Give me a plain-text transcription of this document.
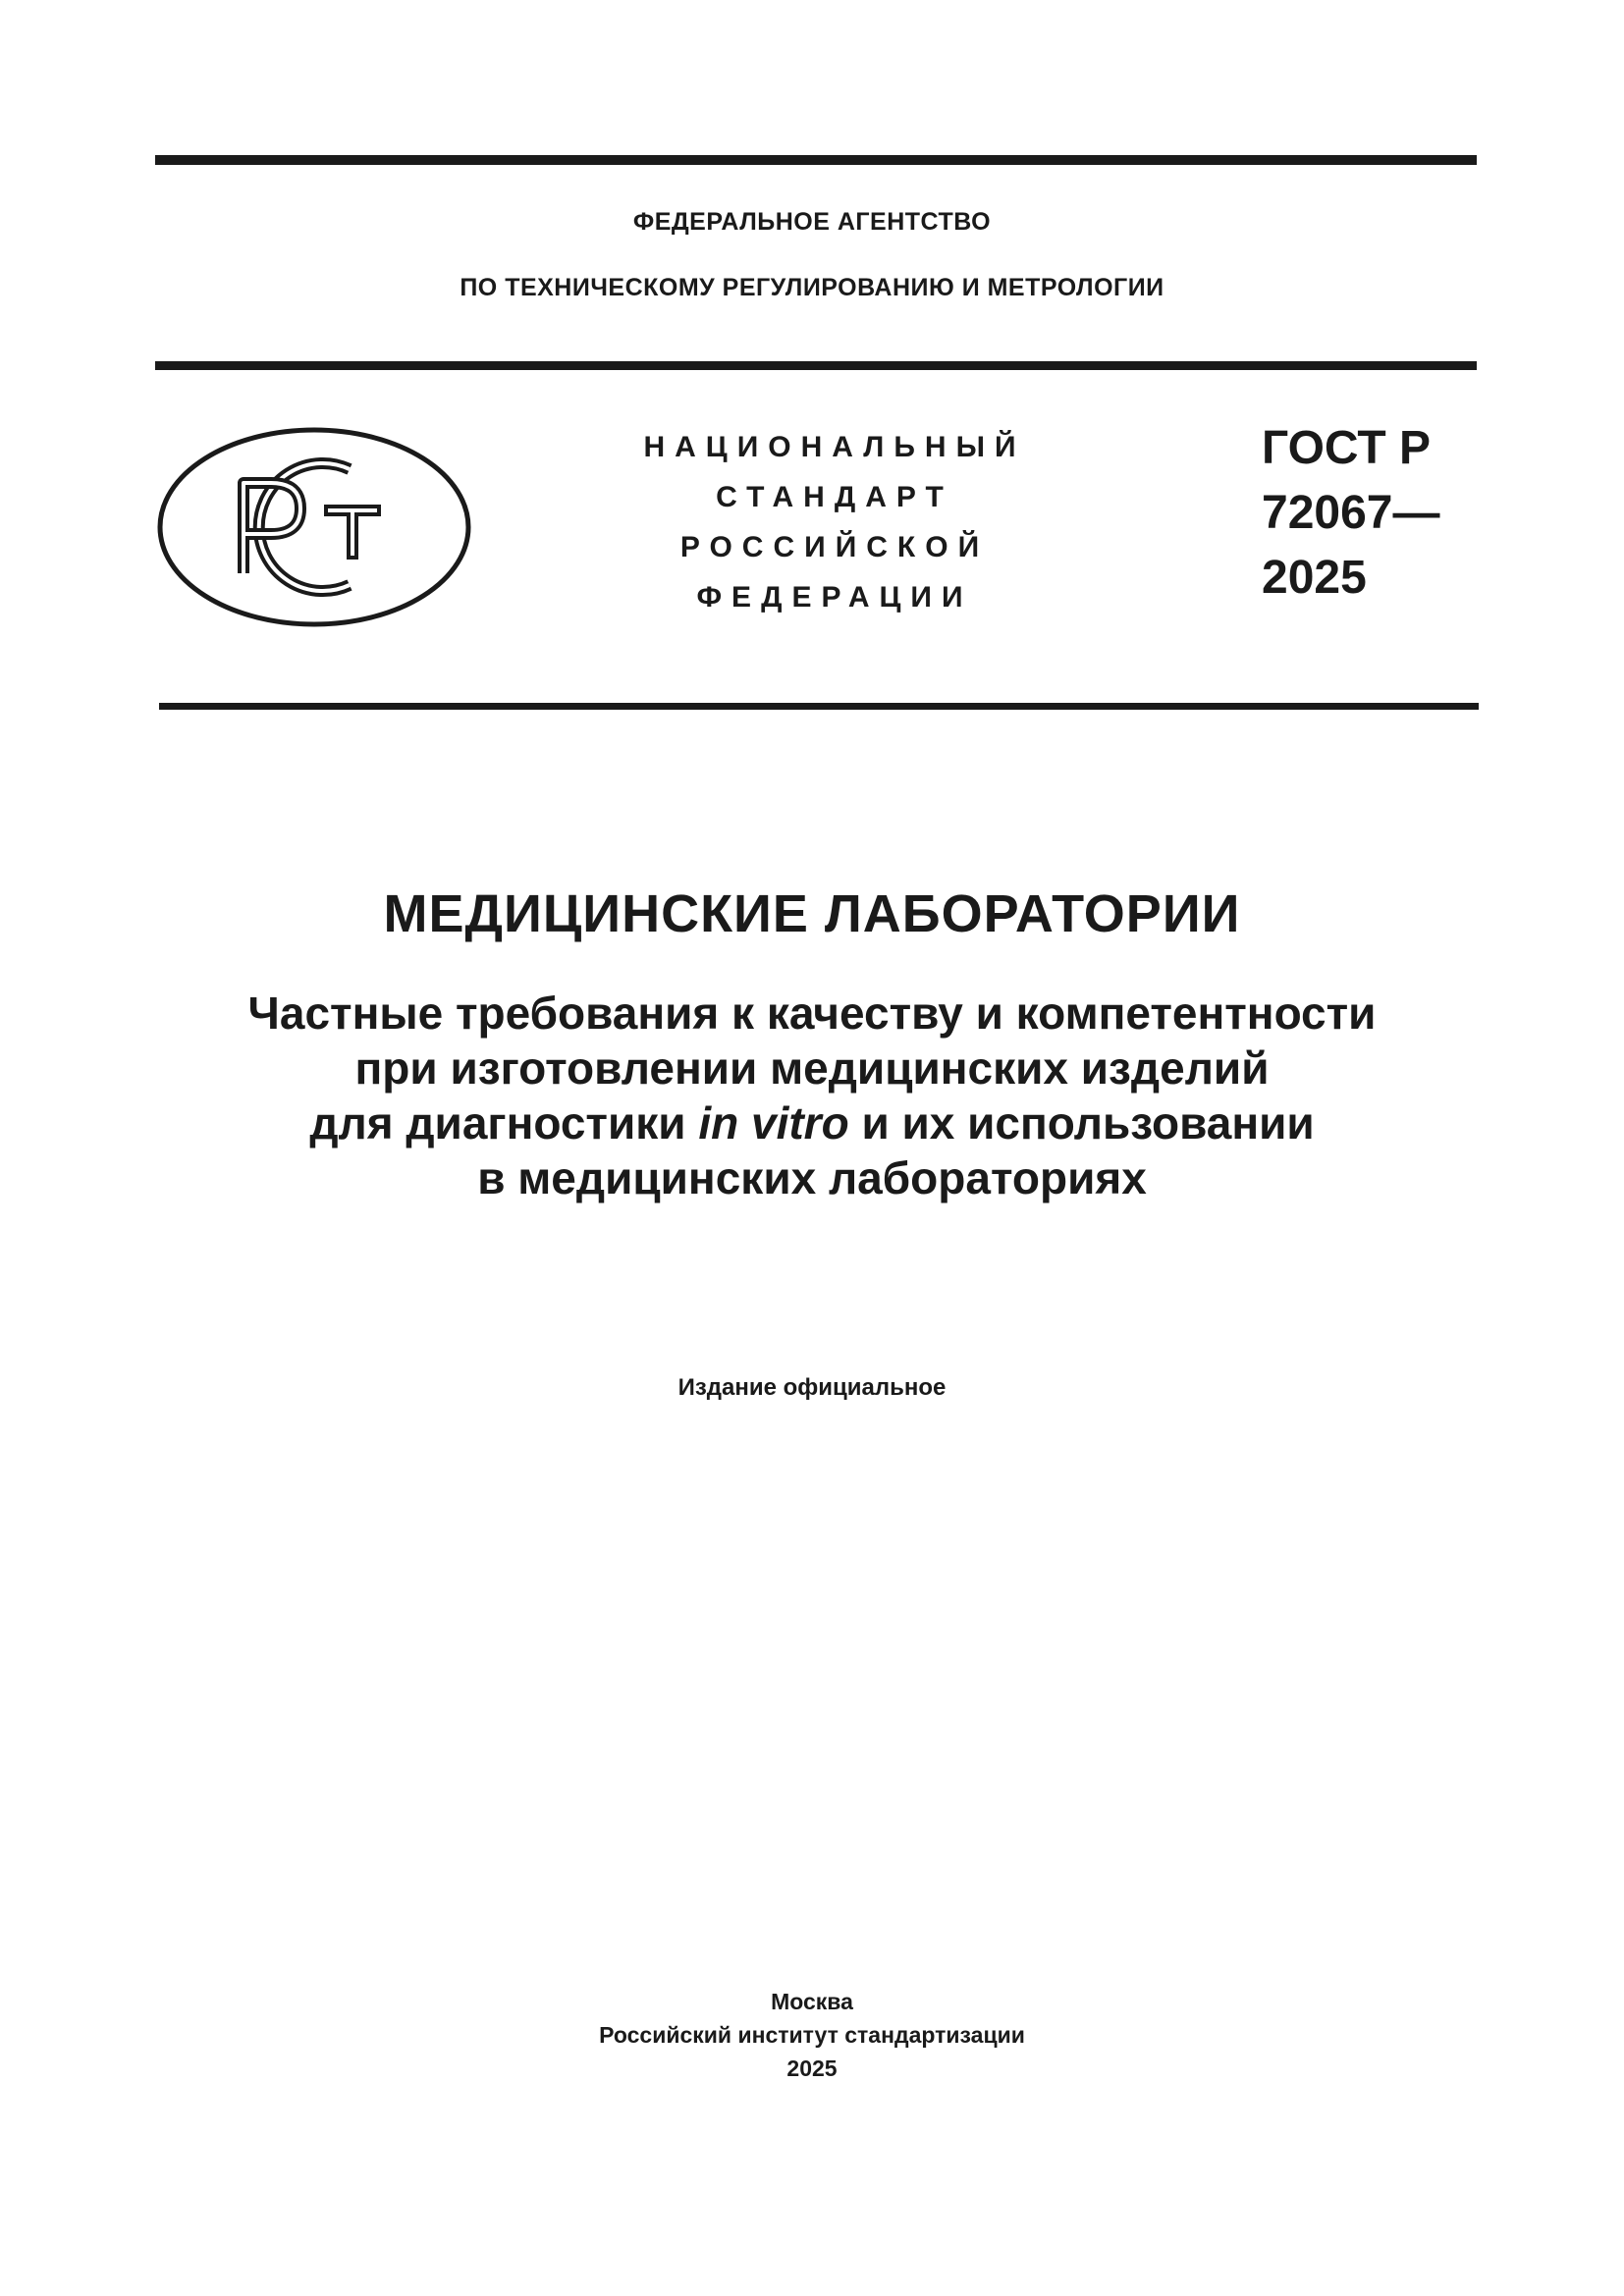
ФЕДЕРАЛЬНОЕ АГЕНТСТВО
ПО ТЕХНИЧЕСКОМУ РЕГУЛИРОВАНИЮ И МЕТРОЛОГИИ
НАЦИОНАЛЬНЫЙ
СТАНДАРТ
РОССИЙСКОЙ
ФЕДЕРАЦИИ
ГОСТ Р
72067—
2025
МЕДИЦИНСКИЕ ЛАБОРАТОРИИ
Частные требования к качеству и компетентности
при изготовлении медицинских изделий
для диагностики in vitro и их использовании
в медицинских лабораториях
Издание официальное
Москва
Российский институт стандартизации
2025
